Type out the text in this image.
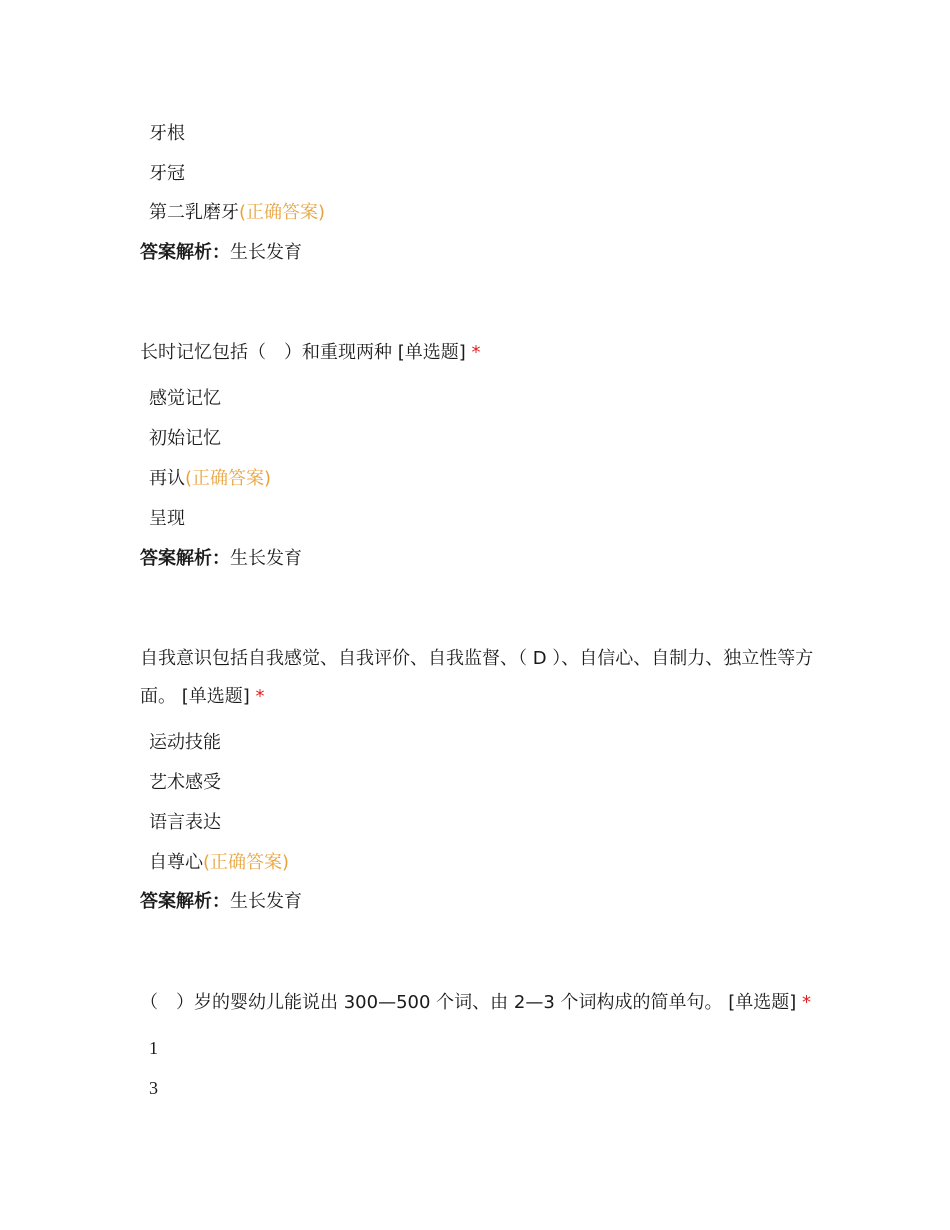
牙根
牙冠
第二乳磨牙(正确答案)
答案解析：生长发育
长时记忆包括（　）和重现两种 [单选题] *
感觉记忆
初始记忆
再认(正确答案)
呈现
答案解析：生长发育
自我意识包括自我感觉、自我评价、自我监督、（ D ）、自信心、自制力、独立性等方面。 [单选题] *
运动技能
艺术感受
语言表达
自尊心(正确答案)
答案解析：生长发育
（　）岁的婴幼儿能说出 300—500 个词、由 2—3 个词构成的简单句。 [单选题] *
1
3
